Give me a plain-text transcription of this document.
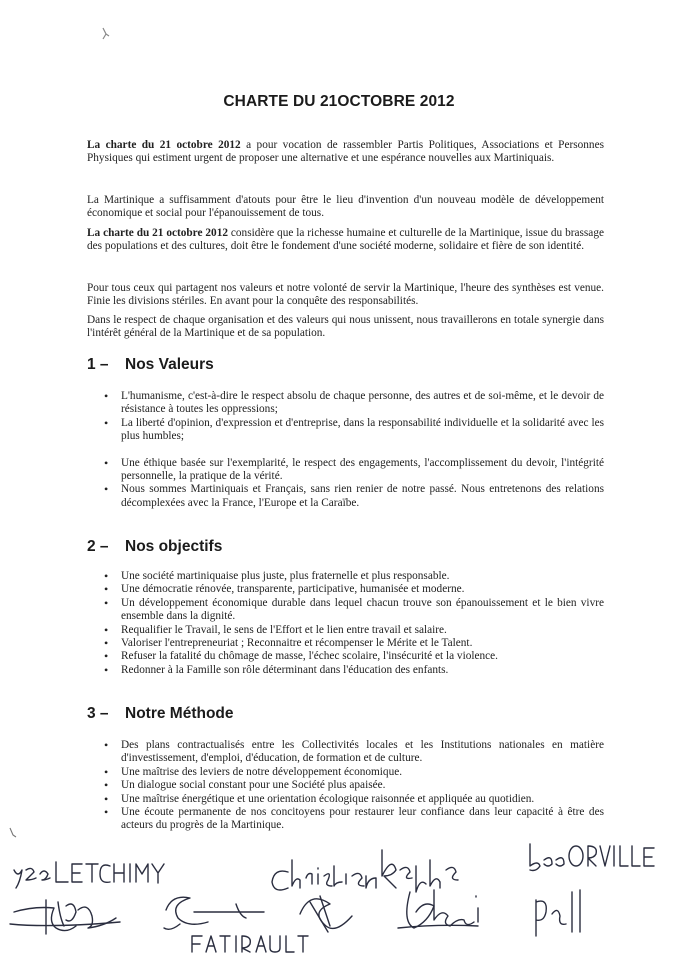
CHARTE DU 21OCTOBRE 2012
La charte du 21 octobre 2012 a pour vocation de rassembler Partis Politiques, Associations et Personnes Physiques qui estiment urgent de proposer une alternative et une espérance nouvelles aux Martiniquais.
La Martinique a suffisamment d'atouts pour être le lieu d'invention d'un nouveau modèle de développement économique et social pour l'épanouissement de tous.
La charte du 21 octobre 2012 considère que la richesse humaine et culturelle de la Martinique, issue du brassage des populations et des cultures, doit être le fondement d'une société moderne, solidaire et fière de son identité.
Pour tous ceux qui partagent nos valeurs et notre volonté de servir la Martinique, l'heure des synthèses est venue. Finie les divisions stériles. En avant pour la conquête des responsabilités.
Dans le respect de chaque organisation et des valeurs qui nous unissent, nous travaillerons en totale synergie dans l'intérêt général de la Martinique et de sa population.
1 – Nos Valeurs
• L'humanisme, c'est-à-dire le respect absolu de chaque personne, des autres et de soi-même, et le devoir de résistance à toutes les oppressions;
• La liberté d'opinion, d'expression et d'entreprise, dans la responsabilité individuelle et la solidarité avec les plus humbles;
• Une éthique basée sur l'exemplarité, le respect des engagements, l'accomplissement du devoir, l'intégrité personnelle, la pratique de la vérité.
• Nous sommes Martiniquais et Français, sans rien renier de notre passé. Nous entretenons des relations décomplexées avec la France, l'Europe et la Caraïbe.
2 – Nos objectifs
• Une société martiniquaise plus juste, plus fraternelle et plus responsable.
• Une démocratie rénovée, transparente, participative, humanisée et moderne.
• Un développement économique durable dans lequel chacun trouve son épanouissement et le bien vivre ensemble dans la dignité.
• Requalifier le Travail, le sens de l'Effort et le lien entre travail et salaire.
• Valoriser l'entrepreneuriat ; Reconnaitre et récompenser le Mérite et le Talent.
• Refuser la fatalité du chômage de masse, l'échec scolaire, l'insécurité et la violence.
• Redonner à la Famille son rôle déterminant dans l'éducation des enfants.
3 – Notre Méthode
• Des plans contractualisés entre les Collectivités locales et les Institutions nationales en matière d'investissement, d'emploi, d'éducation, de formation et de culture.
• Une maîtrise des leviers de notre développement économique.
• Un dialogue social constant pour une Société plus apaisée.
• Une maîtrise énergétique et une orientation écologique raisonnée et appliquée au quotidien.
• Une écoute permanente de nos concitoyens pour restaurer leur confiance dans leur capacité à être des acteurs du progrès de la Martinique.
